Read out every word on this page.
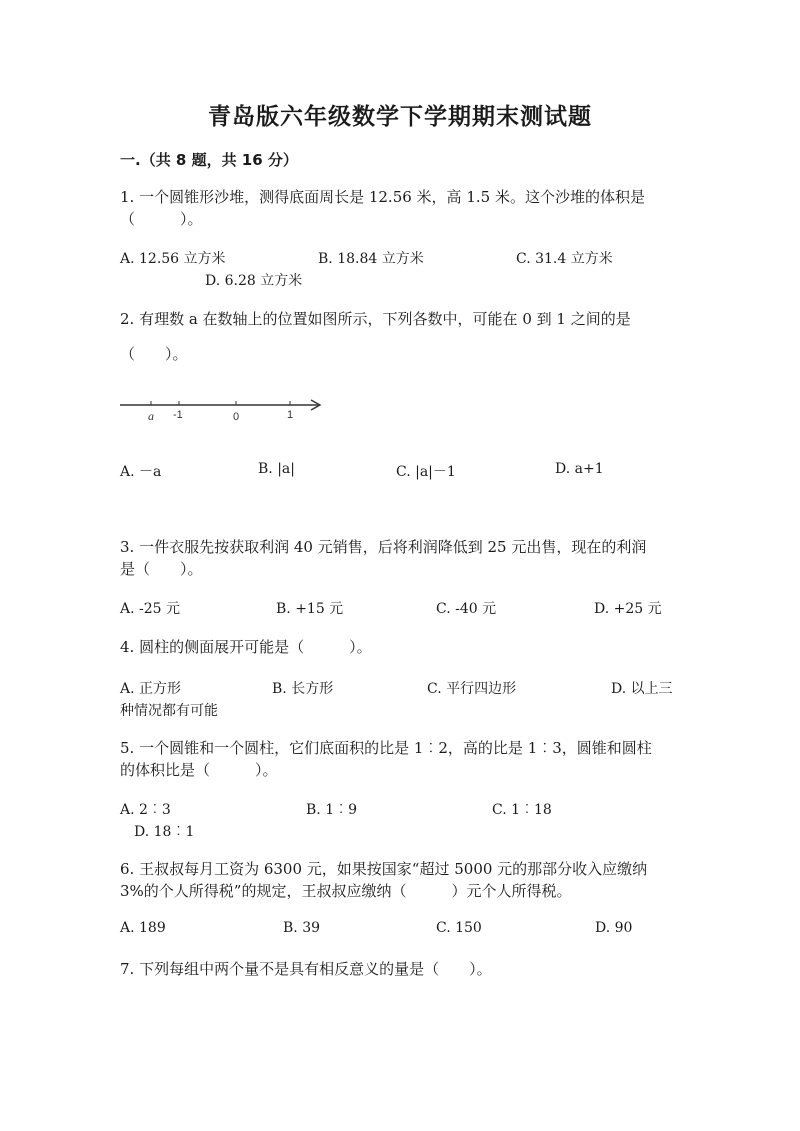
青岛版六年级数学下学期期末测试题
一.（共 8 题，共 16 分）
1. 一个圆锥形沙堆，测得底面周长是 12.56 米，高 1.5 米。这个沙堆的体积是
（　　　）。
A. 12.56 立方米	B. 18.84 立方米	C. 31.4 立方米
D. 6.28 立方米
2. 有理数 a 在数轴上的位置如图所示，下列各数中，可能在 0 到 1 之间的是
（　　）。
a -1	0	1
A. －a	B. |a|	C. |a|－1	D. a+1
3. 一件衣服先按获取利润 40 元销售，后将利润降低到 25 元出售，现在的利润
是（　　）。
A. -25 元	B. +15 元	C. -40 元	D. +25 元
4. 圆柱的侧面展开可能是（　　　）。
A. 正方形	B. 长方形	C. 平行四边形	D. 以上三
种情况都有可能
5. 一个圆锥和一个圆柱，它们底面积的比是 1︰2，高的比是 1︰3，圆锥和圆柱
的体积比是（　　　）。
A. 2︰3	B. 1︰9	C. 1︰18
D. 18︰1
6. 王叔叔每月工资为 6300 元，如果按国家“超过 5000 元的那部分收入应缴纳
3%的个人所得税”的规定，王叔叔应缴纳（　　　）元个人所得税。
A. 189	B. 39	C. 150	D. 90
7. 下列每组中两个量不是具有相反意义的量是（　　）。
